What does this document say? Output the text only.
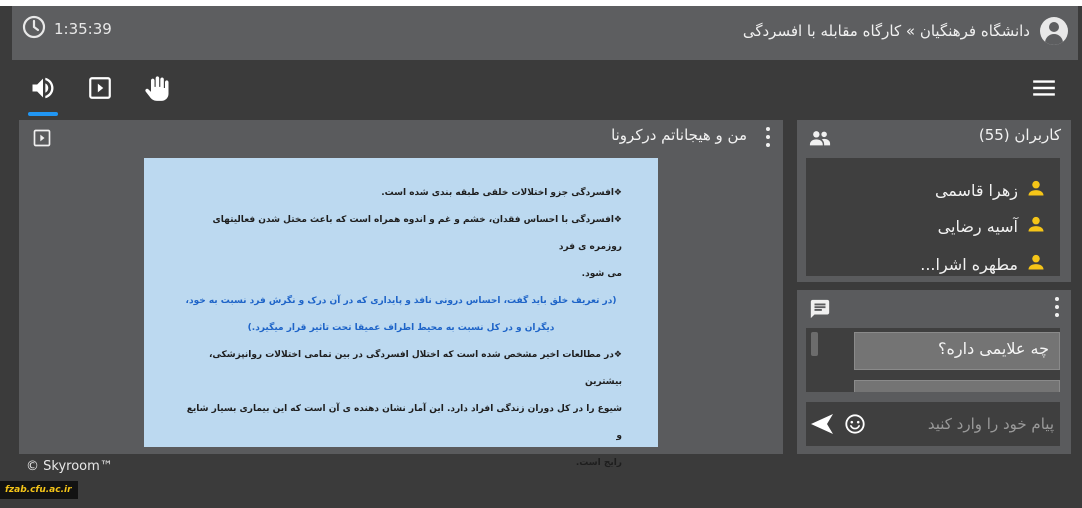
1:35:39	دانشگاه فرهنگیان » کارگاه مقابله با افسردگی
من و هیجاناتم درکرونا

❖افسردگی جزو اختلالات خلقی طبقه بندی شده است.

❖افسردگی با احساس فقدان، خشم و غم و اندوه همراه است که باعث مختل شدن فعالیتهای روزمره ی فرد

می شود.

(در تعریف خلق باید گفت، احساس درونی نافذ و پایداری که در آن درک و نگرش فرد نسبت به خود،

دیگران و در کل نسبت به محیط اطراف عمیقا تحت تاثیر قرار میگیرد.)

❖در مطالعات اخیر مشخص شده است که اختلال افسردگی در بین تمامی اختلالات روانپزشکی، بیشترین

شیوع را در کل دوران زندگی افراد دارد. این آمار نشان دهنده ی آن است که این بیماری بسیار شایع و

رایج است.

© Skyroom™
fzab.cfu.ac.ir
کاربران (55)
زهرا قاسمی
آسیه رضایی
مطهره اشرا...
چه علایمی داره؟
پیام خود را وارد کنید
